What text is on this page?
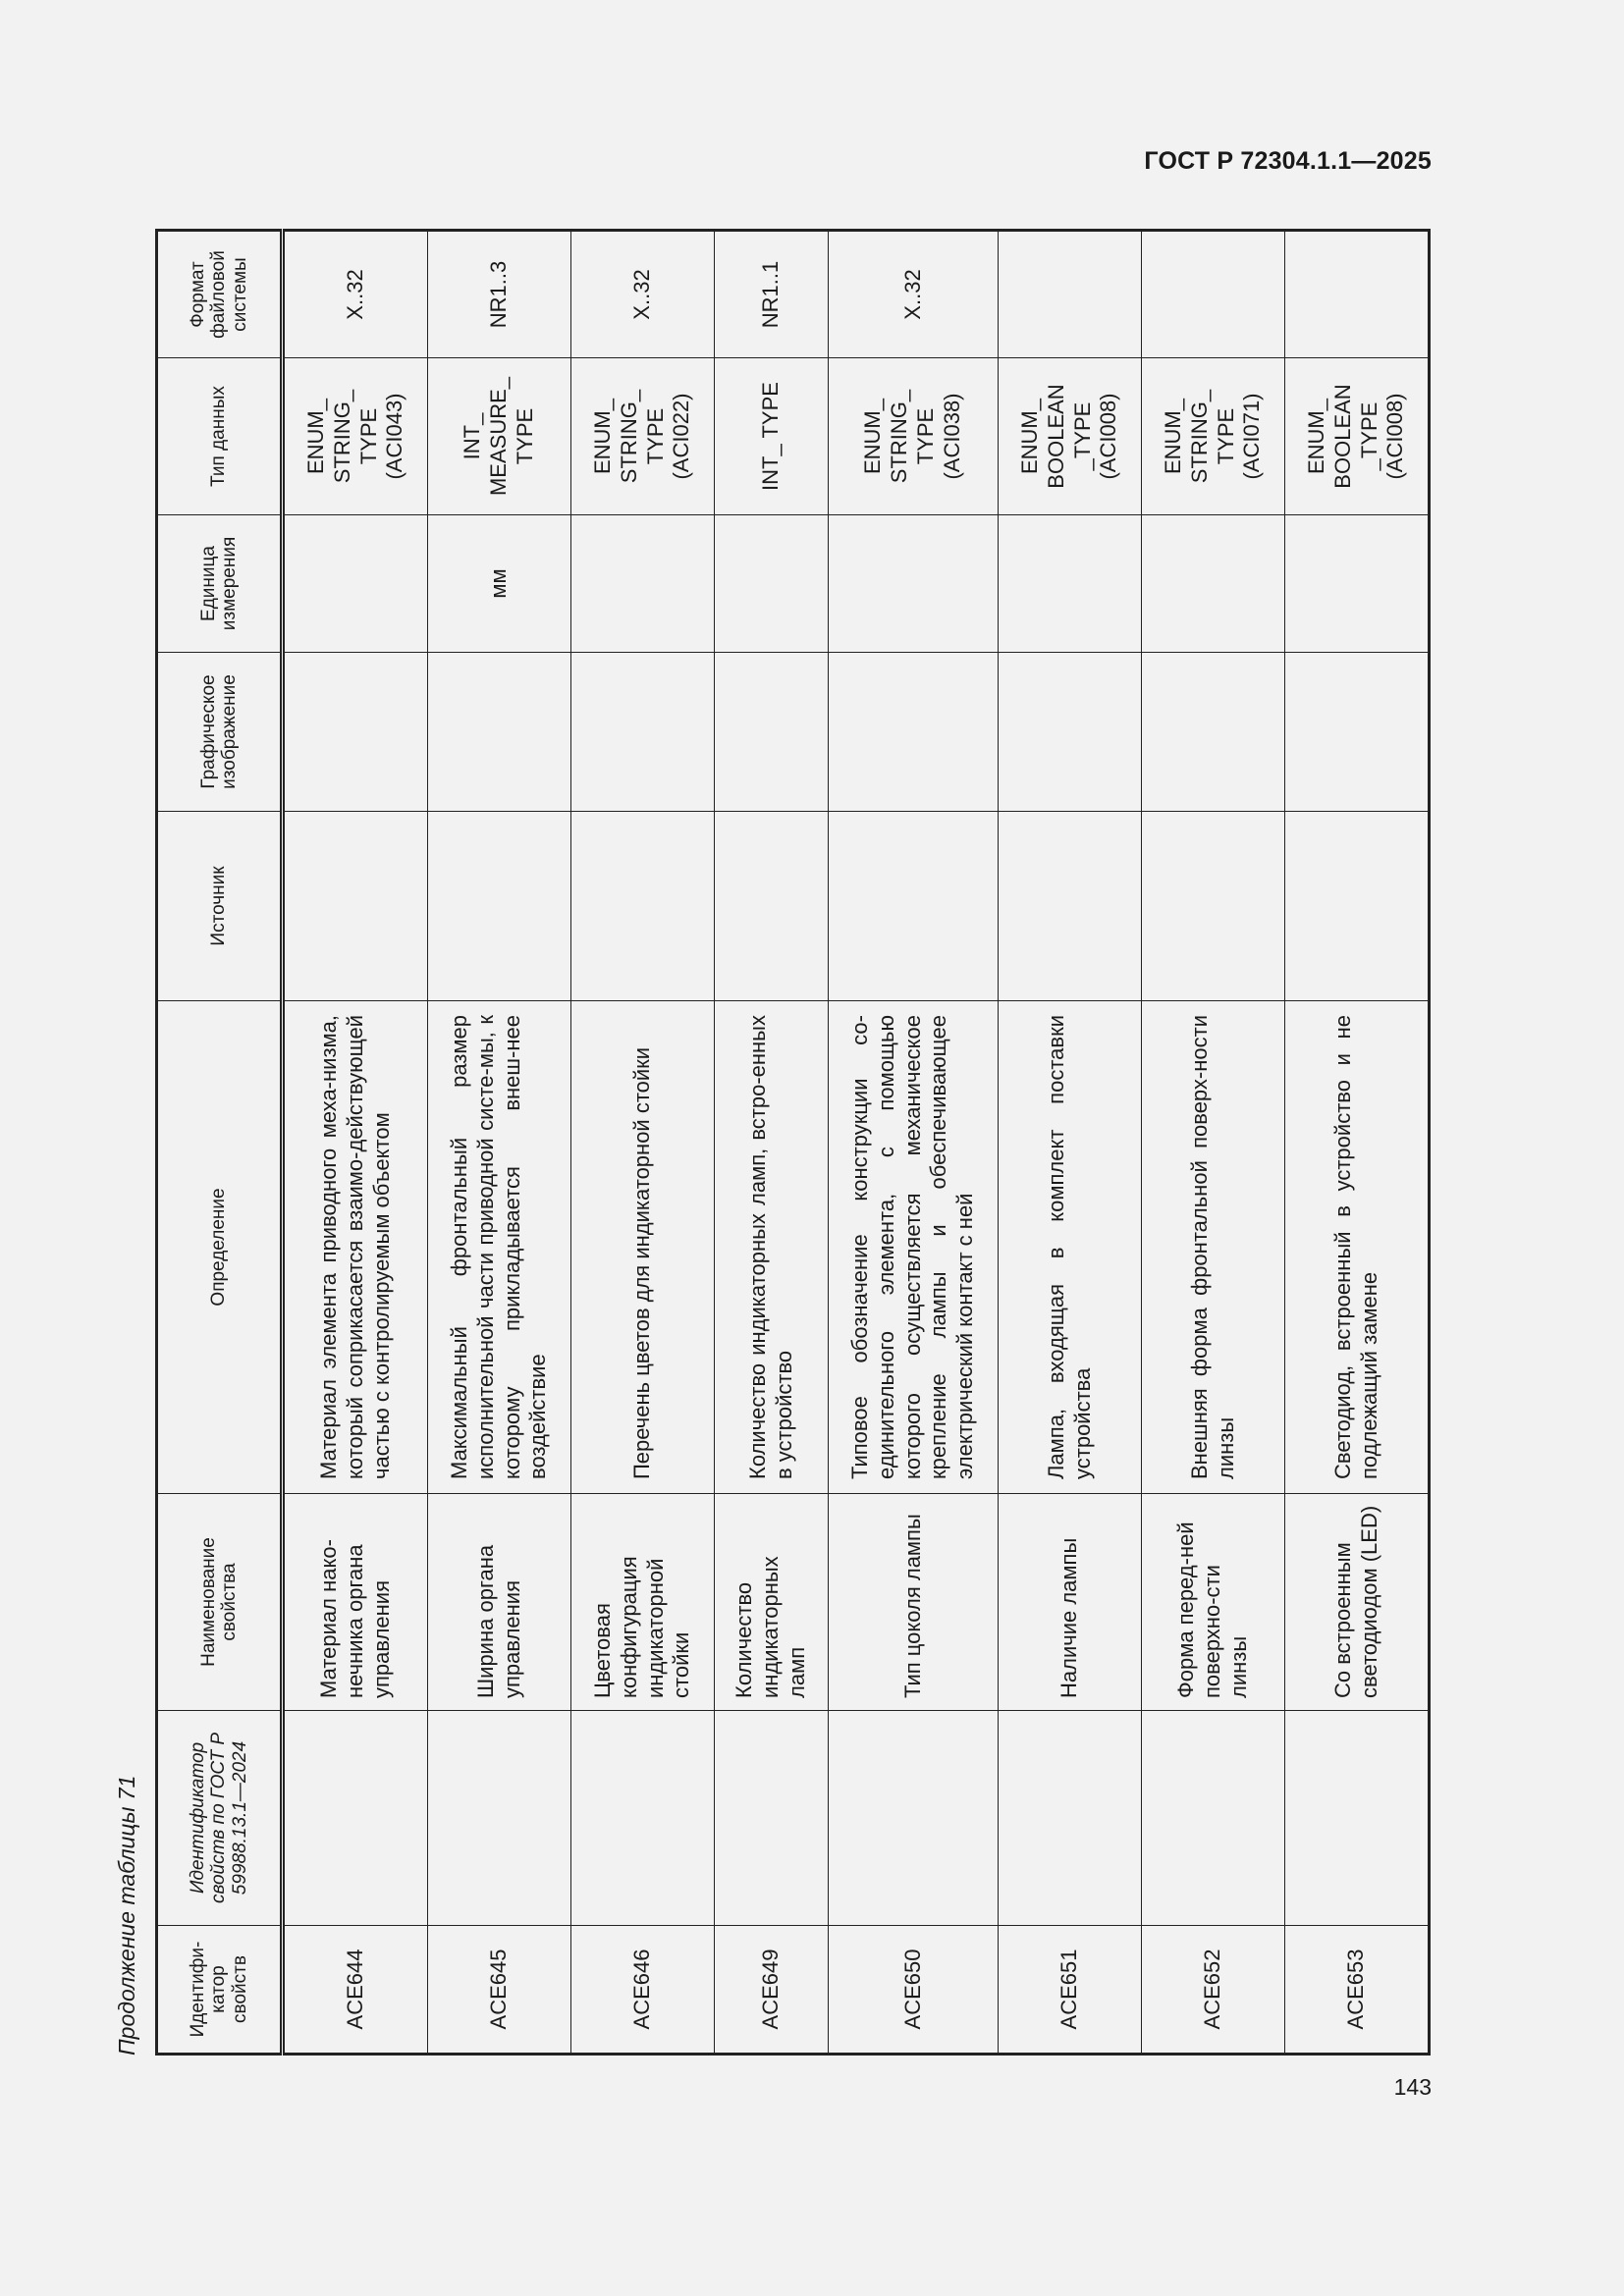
ГОСТ Р 72304.1.1—2025
143
Продолжение таблицы 71	Идентифи-катор свойств	Идентификатор свойств по ГОСТ Р 59988.13.1—2024	Наименование свойства	Определение	Источник	Графическое изображение	Единица измерения	Тип данных	Формат файловой системы
ACE644		Материал нако-нечника органа управления	Материал элемента приводного меха-низма, который соприкасается взаимо-действующей частью с контролируемым объектом				ENUM_ STRING_ TYPE (ACI043)	X..32
ACE645		Ширина органа управления	Максимальный фронтальный размер исполнительной части приводной систе-мы, к которому прикладывается внеш-нее воздействие			мм	INT_ MEASURE_ TYPE	NR1..3
ACE646		Цветовая конфигурация индикаторной стойки	Перечень цветов для индикаторной стойки				ENUM_ STRING_ TYPE (ACI022)	X..32
ACE649		Количество индикаторных ламп	Количество индикаторных ламп, встро-енных в устройство				INT_ TYPE	NR1..1
ACE650		Тип цоколя лампы	Типовое обозначение конструкции со-единительного элемента, с помощью которого осуществляется механическое крепление лампы и обеспечивающее электрический контакт с ней				ENUM_ STRING_ TYPE (ACI038)	X..32
ACE651		Наличие лампы	Лампа, входящая в комплект поставки устройства				ENUM_ BOOLEAN _TYPE (ACI008)	
ACE652		Форма перед-ней поверхно-сти линзы	Внешняя форма фронтальной поверх-ности линзы				ENUM_ STRING_ TYPE (ACI071)	
ACE653		Со встроенным светодиодом (LED)	Светодиод, встроенный в устройство и не подлежащий замене				ENUM_ BOOLEAN _TYPE (ACI008)	
